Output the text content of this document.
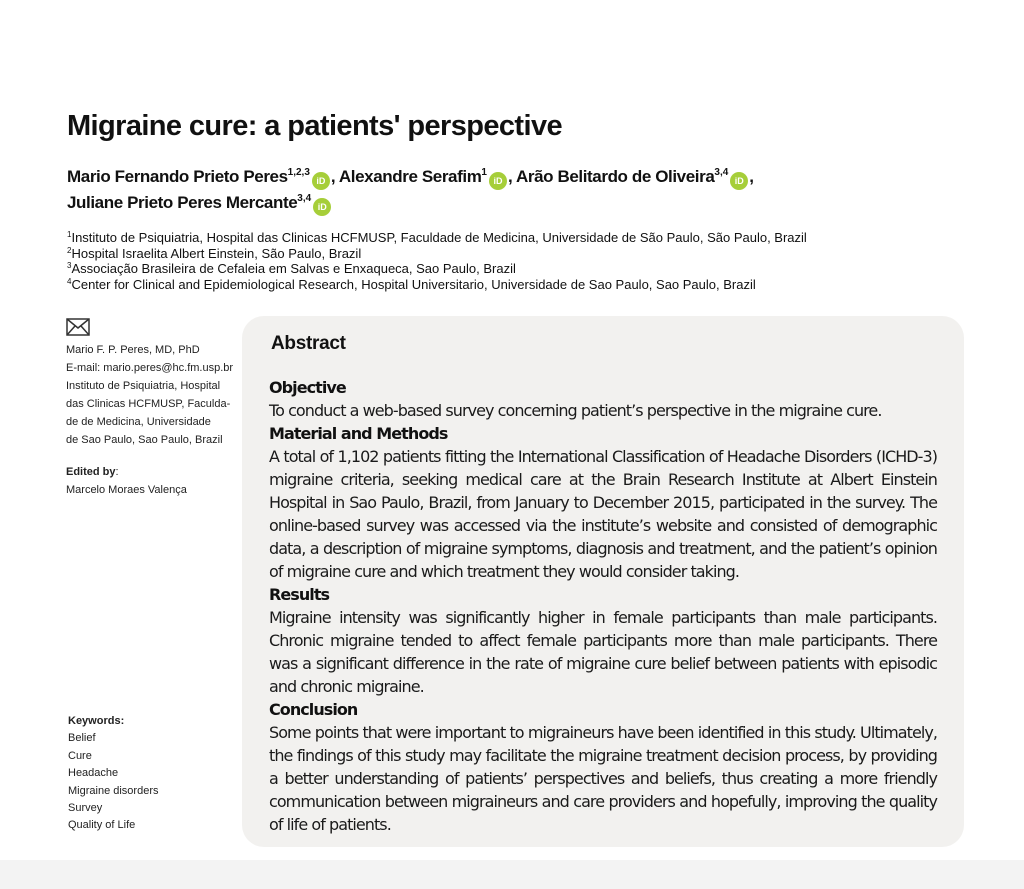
Migraine cure: a patients' perspective
Mario Fernando Prieto Peres$^{1,2,3}$iD , Alexandre Serafim$^1$iD , Arão Belitardo de Oliveira$^{3,4}$iD ,
Juliane Prieto Peres Mercante$^{3,4}$iD
$^1$Instituto de Psiquiatria, Hospital das Clinicas HCFMUSP, Faculdade de Medicina, Universidade de São Paulo, São Paulo, Brazil
$^2$Hospital Israelita Albert Einstein, São Paulo, Brazil
$^3$Associação Brasileira de Cefaleia em Salvas e Enxaqueca, Sao Paulo, Brazil
$^4$Center for Clinical and Epidemiological Research, Hospital Universitario, Universidade de Sao Paulo, Sao Paulo, Brazil
Mario F. P. Peres, MD, PhD
E-mail: mario.peres@hc.fm.usp.br
Instituto de Psiquiatria, Hospital
das Clinicas HCFMUSP, Faculda-
de de Medicina, Universidade
de Sao Paulo, Sao Paulo, Brazil
Edited by:
Marcelo Moraes Valença
Keywords:
Belief
Cure
Headache
Migraine disorders
Survey
Quality of Life
Abstract
Objective

To conduct a web-based survey concerning patient’s perspective in the migraine cure.

Material and Methods

A total of 1,102 patients fitting the International Classification of Headache Disorders (ICHD-3) migraine criteria, seeking medical care at the Brain Research Institute at Albert Einstein Hospital in Sao Paulo, Brazil, from January to December 2015, participated in the survey. The online-based survey was accessed via the institute’s website and consisted of demographic data, a description of migraine symptoms, diagnosis and treatment, and the patient’s opinion of migraine cure and which treatment they would consider taking.

Results

Migraine intensity was significantly higher in female participants than male participants. Chronic migraine tended to affect female participants more than male participants. There was a significant difference in the rate of migraine cure belief between patients with episodic and chronic migraine.

Conclusion

Some points that were important to migraineurs have been identified in this study. Ultimately, the findings of this study may facilitate the migraine treatment decision process, by providing a better understanding of patients’ perspectives and beliefs, thus creating a more friendly communication between migraineurs and care providers and hopefully, improving the quality of life of patients.
